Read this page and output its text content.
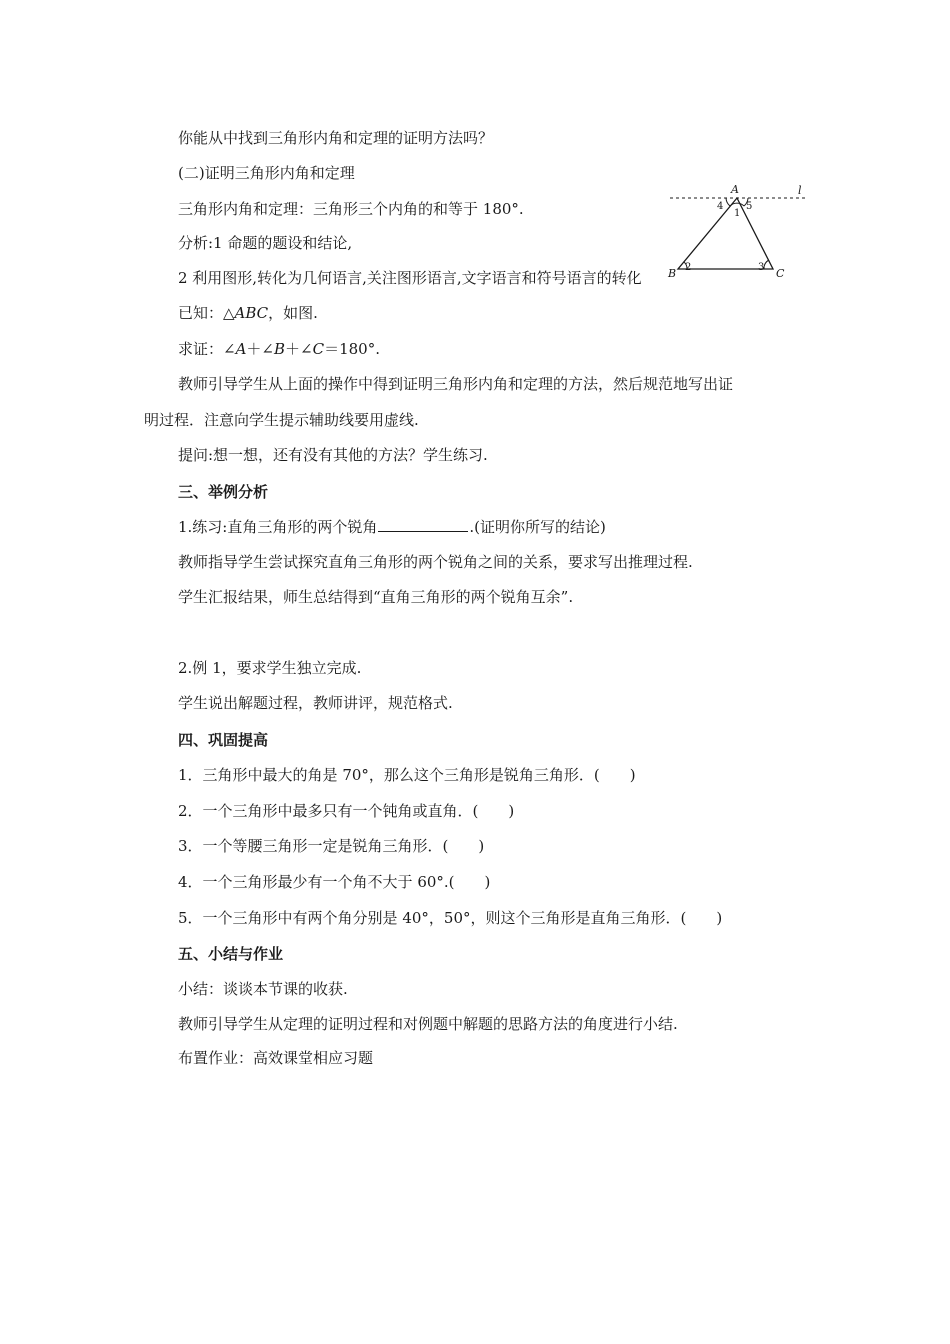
你能从中找到三角形内角和定理的证明方法吗？
(二)证明三角形内角和定理
三角形内角和定理：三角形三个内角的和等于 180°.
分析:1 命题的题设和结论,
2 利用图形,转化为几何语言,关注图形语言,文字语言和符号语言的转化
已知：△ABC，如图.
求证：∠A＋∠B＋∠C＝180°.
教师引导学生从上面的操作中得到证明三角形内角和定理的方法，然后规范地写出证
明过程．注意向学生提示辅助线要用虚线.
提问:想一想，还有没有其他的方法？学生练习.
三、举例分析
1.练习:直角三角形的两个锐角	.(证明你所写的结论)
教师指导学生尝试探究直角三角形的两个锐角之间的关系，要求写出推理过程.
学生汇报结果，师生总结得到“直角三角形的两个锐角互余”.
2.例 1，要求学生独立完成.
学生说出解题过程，教师讲评，规范格式.
四、巩固提高
1．三角形中最大的角是 70°，那么这个三角形是锐角三角形．(　　)
2．一个三角形中最多只有一个钝角或直角．(　　)
3．一个等腰三角形一定是锐角三角形．(　　)
4．一个三角形最少有一个角不大于 60°.(　　)
5．一个三角形中有两个角分别是 40°，50°，则这个三角形是直角三角形．(　　)
五、小结与作业
小结：谈谈本节课的收获.
教师引导学生从定理的证明过程和对例题中解题的思路方法的角度进行小结.
布置作业：高效课堂相应习题
A
B	C
l
1
2	3
4 5
